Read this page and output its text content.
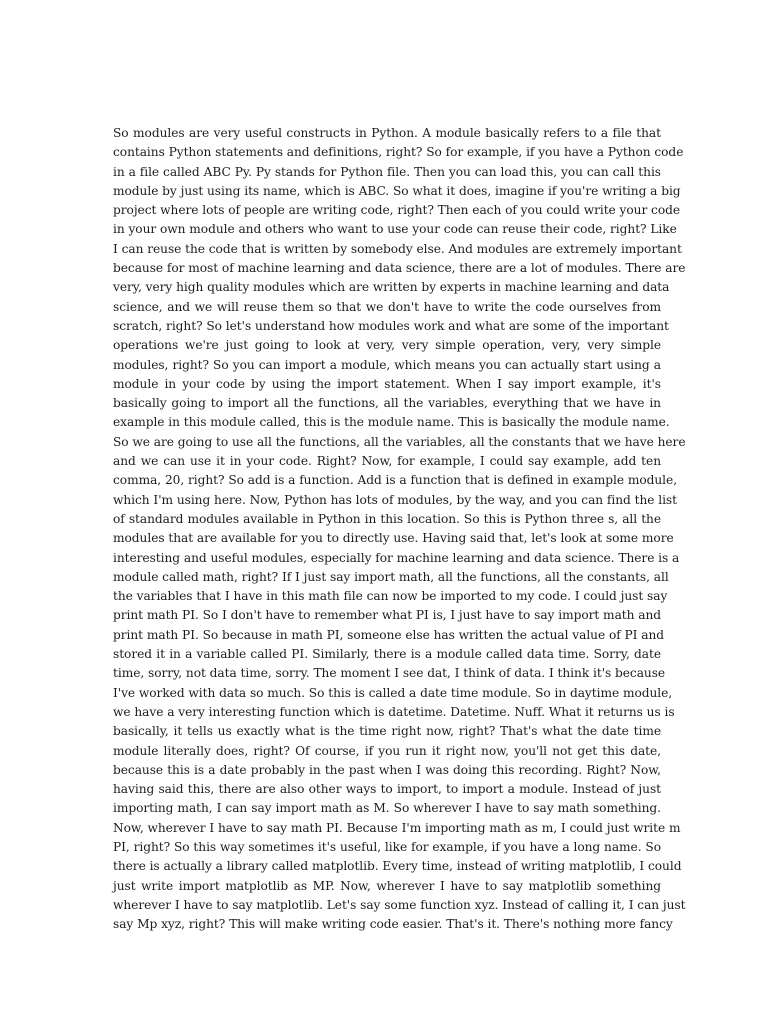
So modules are very useful constructs in Python. A module basically refers to a file that
contains Python statements and definitions, right? So for example, if you have a Python code
in a file called ABC Py. Py stands for Python file. Then you can load this, you can call this
module by just using its name, which is ABC. So what it does, imagine if you're writing a big
project where lots of people are writing code, right? Then each of you could write your code
in your own module and others who want to use your code can reuse their code, right? Like
I can reuse the code that is written by somebody else. And modules are extremely important
because for most of machine learning and data science, there are a lot of modules. There are
very, very high quality modules which are written by experts in machine learning and data
science, and we will reuse them so that we don't have to write the code ourselves from
scratch, right? So let's understand how modules work and what are some of the important
operations we're just going to look at very, very simple operation, very, very simple
modules, right? So you can import a module, which means you can actually start using a
module in your code by using the import statement. When I say import example, it's
basically going to import all the functions, all the variables, everything that we have in
example in this module called, this is the module name. This is basically the module name.
So we are going to use all the functions, all the variables, all the constants that we have here
and we can use it in your code. Right? Now, for example, I could say example, add ten
comma, 20, right? So add is a function. Add is a function that is defined in example module,
which I'm using here. Now, Python has lots of modules, by the way, and you can find the list
of standard modules available in Python in this location. So this is Python three s, all the
modules that are available for you to directly use. Having said that, let's look at some more
interesting and useful modules, especially for machine learning and data science. There is a
module called math, right? If I just say import math, all the functions, all the constants, all
the variables that I have in this math file can now be imported to my code. I could just say
print math PI. So I don't have to remember what PI is, I just have to say import math and
print math PI. So because in math PI, someone else has written the actual value of PI and
stored it in a variable called PI. Similarly, there is a module called data time. Sorry, date
time, sorry, not data time, sorry. The moment I see dat, I think of data. I think it's because
I've worked with data so much. So this is called a date time module. So in daytime module,
we have a very interesting function which is datetime. Datetime. Nuff. What it returns us is
basically, it tells us exactly what is the time right now, right? That's what the date time
module literally does, right? Of course, if you run it right now, you'll not get this date,
because this is a date probably in the past when I was doing this recording. Right? Now,
having said this, there are also other ways to import, to import a module. Instead of just
importing math, I can say import math as M. So wherever I have to say math something.
Now, wherever I have to say math PI. Because I'm importing math as m, I could just write m
PI, right? So this way sometimes it's useful, like for example, if you have a long name. So
there is actually a library called matplotlib. Every time, instead of writing matplotlib, I could
just write import matplotlib as MP. Now, wherever I have to say matplotlib something
wherever I have to say matplotlib. Let's say some function xyz. Instead of calling it, I can just
say Mp xyz, right? This will make writing code easier. That's it. There's nothing more fancy
